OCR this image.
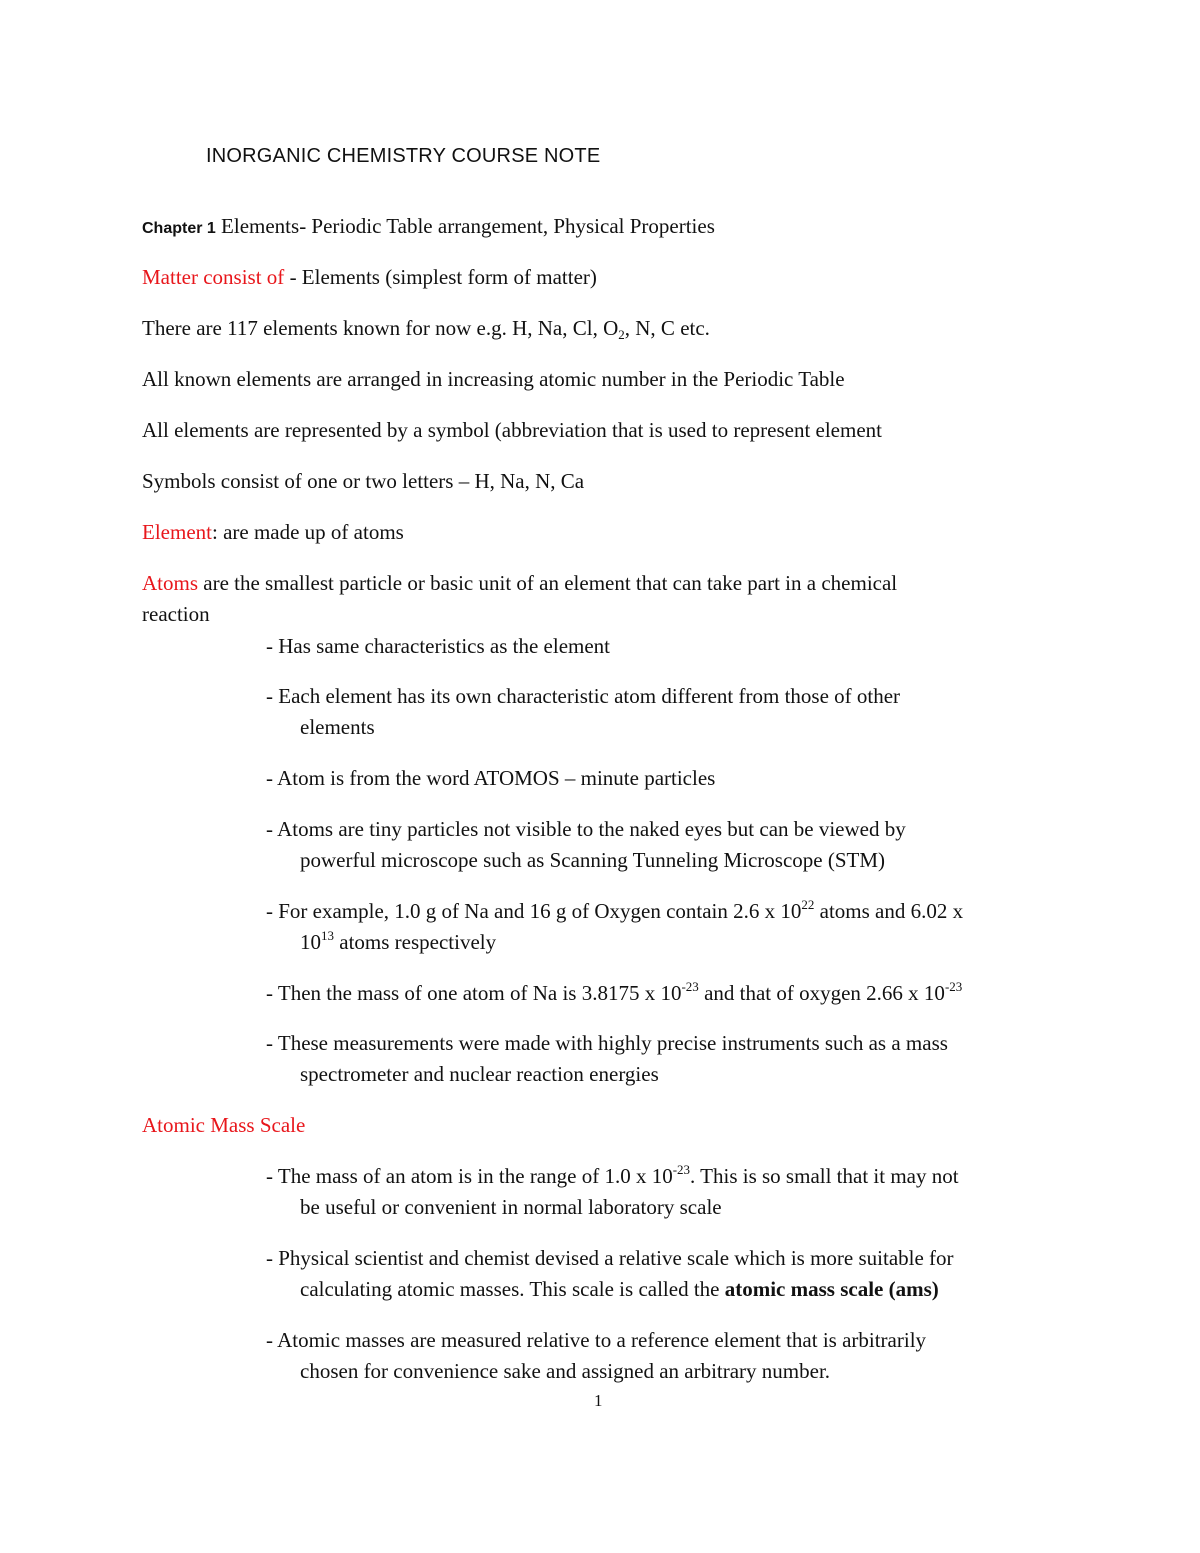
INORGANIC CHEMISTRY COURSE NOTE
Chapter 1 Elements- Periodic Table arrangement, Physical Properties
Matter consist of - Elements (simplest form of matter)
There are 117 elements known for now e.g. H, Na, Cl, $O_2$, N, C etc.
All known elements are arranged in increasing atomic number in the Periodic Table
All elements are represented by a symbol (abbreviation that is used to represent element
Symbols consist of one or two letters – H, Na, N, Ca
Element: are made up of atoms
Atoms are the smallest particle or basic unit of an element that can take part in a chemical
reaction
- Has same characteristics as the element
- Each element has its own characteristic atom different from those of other
elements
- Atom is from the word ATOMOS – minute particles
- Atoms are tiny particles not visible to the naked eyes but can be viewed by
powerful microscope such as Scanning Tunneling Microscope (STM)
- For example, 1.0 g of Na and 16 g of Oxygen contain 2.6 x $10^{22}$ atoms and 6.02 x
$10^{13}$ atoms respectively
- Then the mass of one atom of Na is 3.8175 x $10^{-23}$ and that of oxygen 2.66 x $10^{-23}$
- These measurements were made with highly precise instruments such as a mass
spectrometer and nuclear reaction energies
Atomic Mass Scale
- The mass of an atom is in the range of 1.0 x $10^{-23}$. This is so small that it may not
be useful or convenient in normal laboratory scale
- Physical scientist and chemist devised a relative scale which is more suitable for
calculating atomic masses. This scale is called the atomic mass scale (ams)
- Atomic masses are measured relative to a reference element that is arbitrarily
chosen for convenience sake and assigned an arbitrary number.
1
